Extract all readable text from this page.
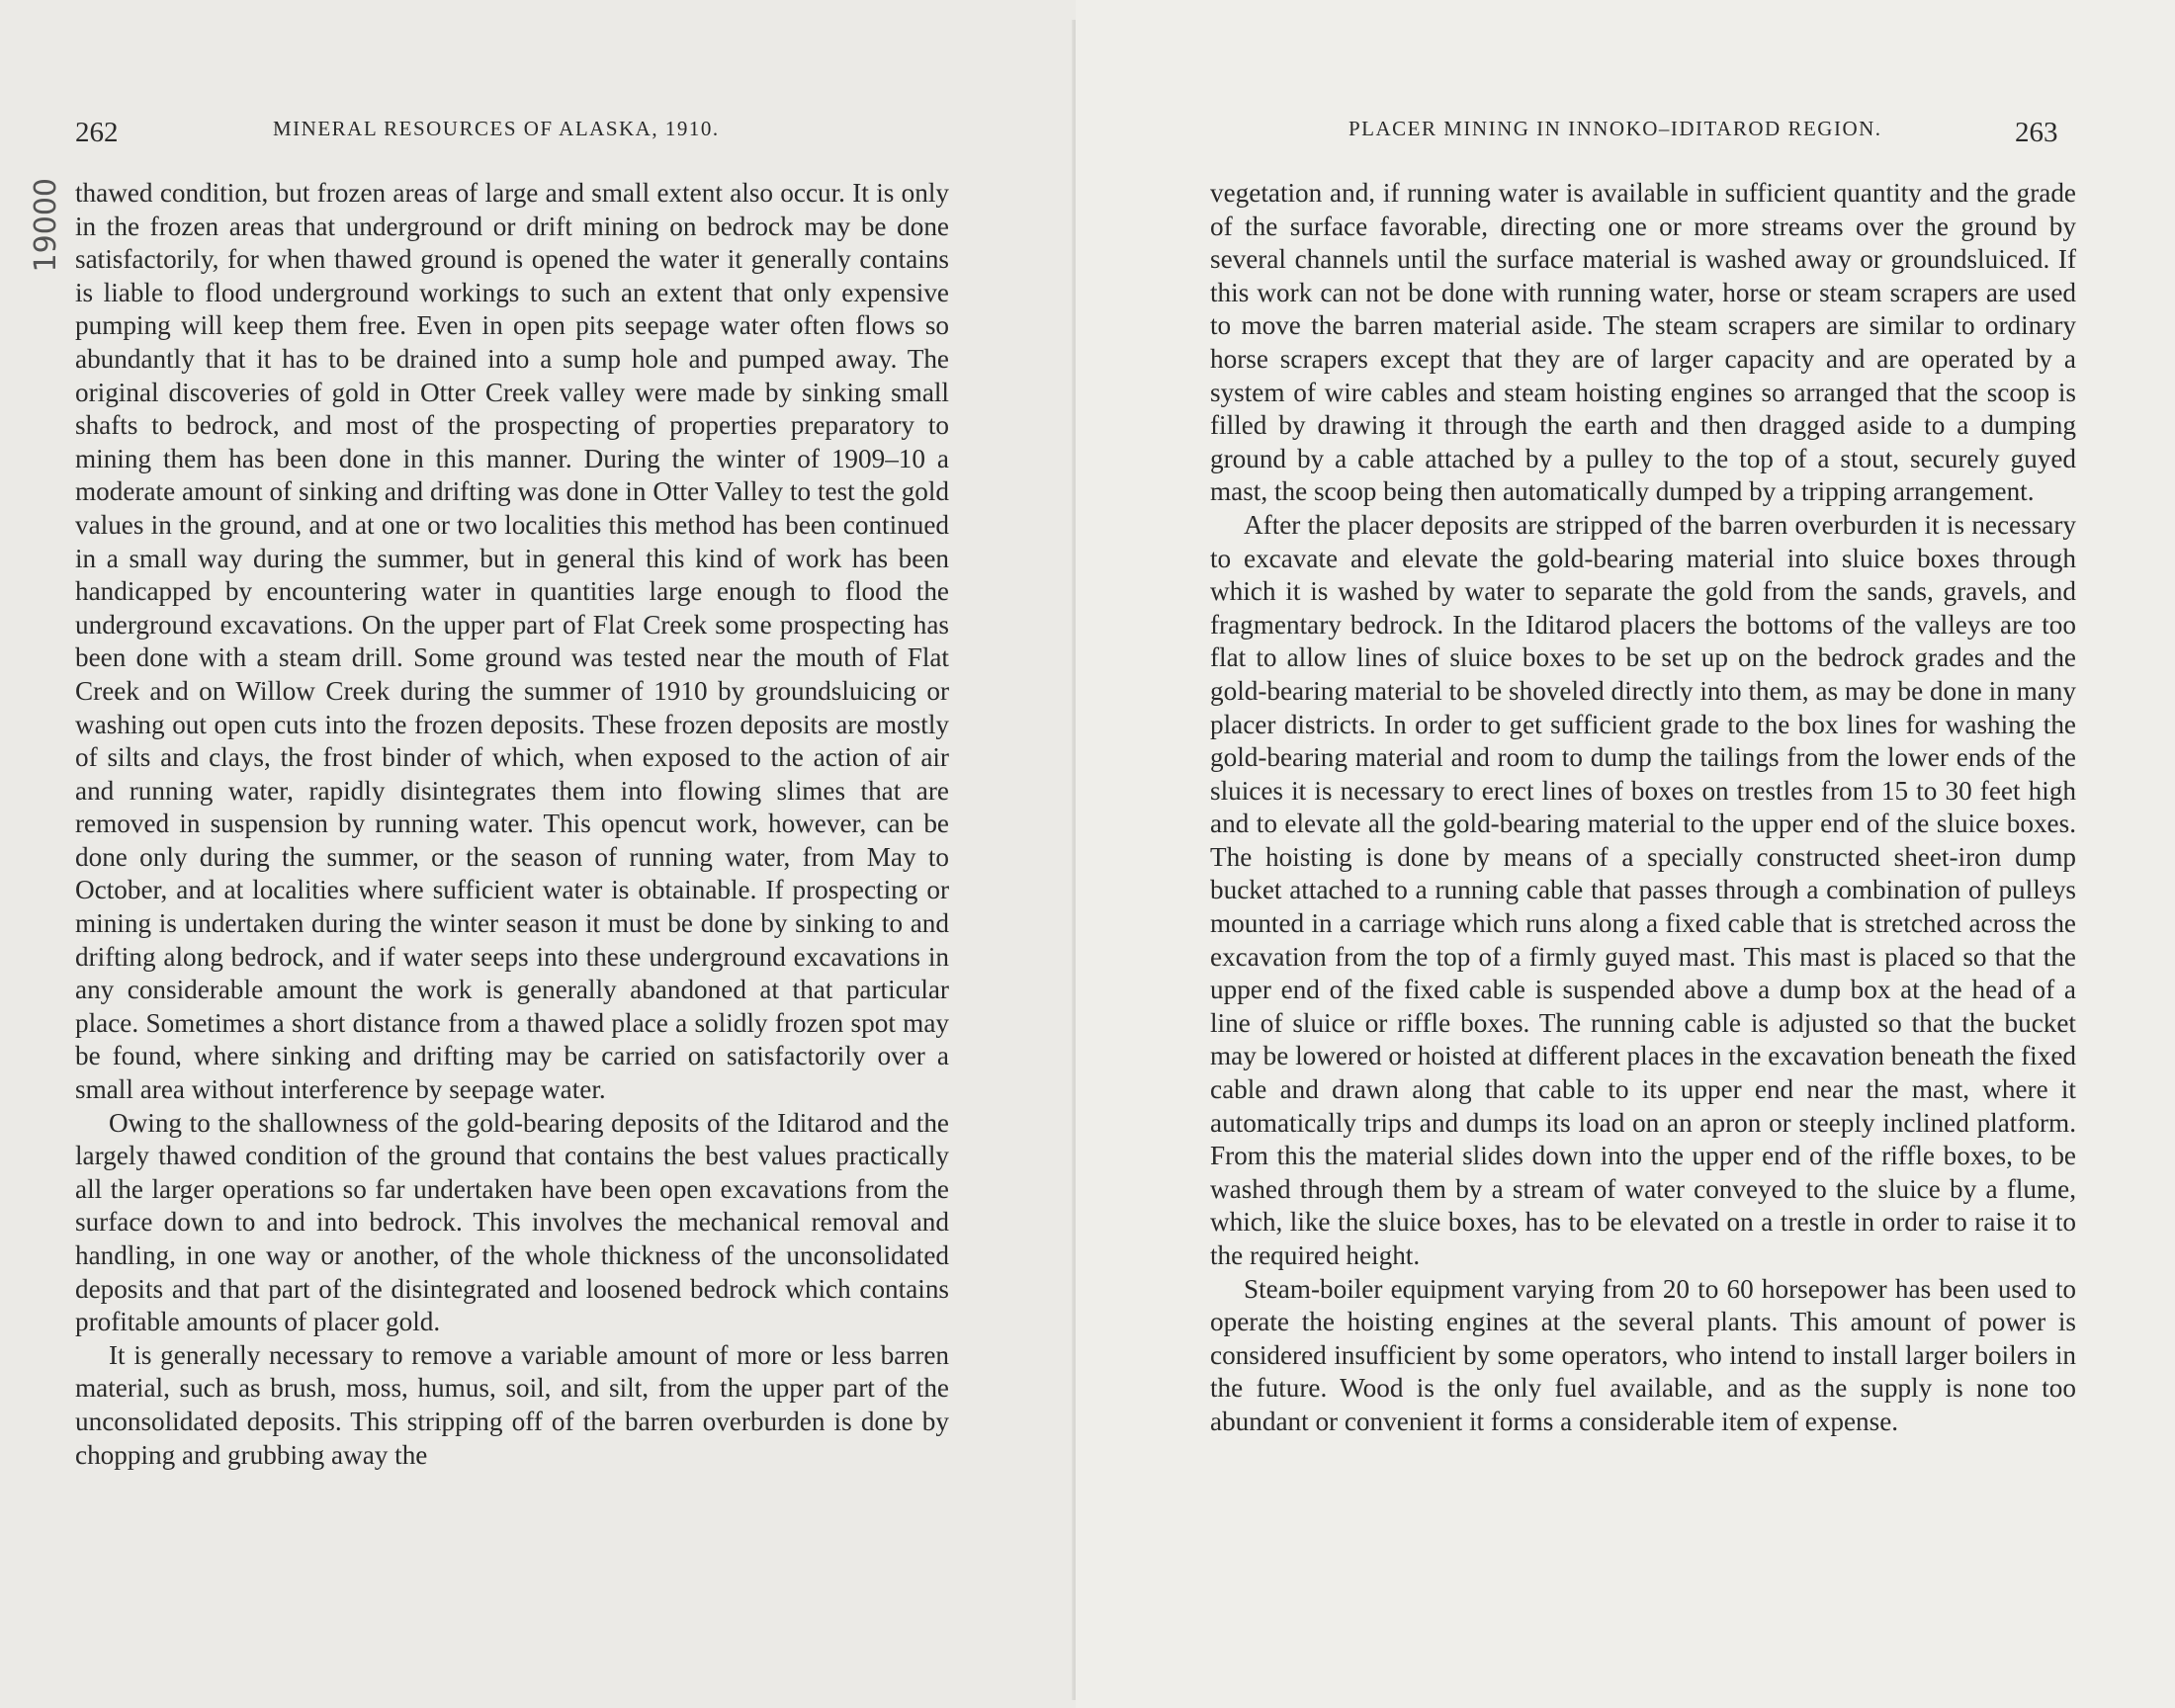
19000
262	MINERAL RESOURCES OF ALASKA, 1910.

thawed condition, but frozen areas of large and small extent also occur. It is only in the frozen areas that underground or drift mining on bedrock may be done satisfactorily, for when thawed ground is opened the water it generally contains is liable to flood underground workings to such an extent that only expensive pumping will keep them free. Even in open pits seepage water often flows so abundantly that it has to be drained into a sump hole and pumped away. The original discoveries of gold in Otter Creek valley were made by sinking small shafts to bedrock, and most of the prospecting of properties preparatory to mining them has been done in this manner. During the winter of 1909–10 a moderate amount of sinking and drifting was done in Otter Valley to test the gold values in the ground, and at one or two localities this method has been continued in a small way during the summer, but in general this kind of work has been handicapped by encountering water in quantities large enough to flood the underground excavations. On the upper part of Flat Creek some prospecting has been done with a steam drill. Some ground was tested near the mouth of Flat Creek and on Willow Creek during the summer of 1910 by groundsluicing or washing out open cuts into the frozen deposits. These frozen deposits are mostly of silts and clays, the frost binder of which, when exposed to the action of air and running water, rapidly disintegrates them into flowing slimes that are removed in suspension by running water. This opencut work, however, can be done only during the summer, or the season of running water, from May to October, and at localities where sufficient water is obtainable. If prospecting or mining is undertaken during the winter season it must be done by sinking to and drifting along bedrock, and if water seeps into these underground excavations in any considerable amount the work is generally abandoned at that particular place. Sometimes a short distance from a thawed place a solidly frozen spot may be found, where sinking and drifting may be carried on satisfactorily over a small area without interference by seepage water.

Owing to the shallowness of the gold-bearing deposits of the Iditarod and the largely thawed condition of the ground that contains the best values practically all the larger operations so far undertaken have been open excavations from the surface down to and into bedrock. This involves the mechanical removal and handling, in one way or another, of the whole thickness of the unconsolidated deposits and that part of the disintegrated and loosened bedrock which contains profitable amounts of placer gold.

It is generally necessary to remove a variable amount of more or less barren material, such as brush, moss, humus, soil, and silt, from the upper part of the unconsolidated deposits. This stripping off of the barren overburden is done by chopping and grubbing away the

PLACER MINING IN INNOKO–IDITAROD REGION.	263

vegetation and, if running water is available in sufficient quantity and the grade of the surface favorable, directing one or more streams over the ground by several channels until the surface material is washed away or groundsluiced. If this work can not be done with running water, horse or steam scrapers are used to move the barren material aside. The steam scrapers are similar to ordinary horse scrapers except that they are of larger capacity and are operated by a system of wire cables and steam hoisting engines so arranged that the scoop is filled by drawing it through the earth and then dragged aside to a dumping ground by a cable attached by a pulley to the top of a stout, securely guyed mast, the scoop being then automatically dumped by a tripping arrangement.

After the placer deposits are stripped of the barren overburden it is necessary to excavate and elevate the gold-bearing material into sluice boxes through which it is washed by water to separate the gold from the sands, gravels, and fragmentary bedrock. In the Iditarod placers the bottoms of the valleys are too flat to allow lines of sluice boxes to be set up on the bedrock grades and the gold-bearing material to be shoveled directly into them, as may be done in many placer districts. In order to get sufficient grade to the box lines for washing the gold-bearing material and room to dump the tailings from the lower ends of the sluices it is necessary to erect lines of boxes on trestles from 15 to 30 feet high and to elevate all the gold-bearing material to the upper end of the sluice boxes. The hoisting is done by means of a specially constructed sheet-iron dump bucket attached to a running cable that passes through a combination of pulleys mounted in a carriage which runs along a fixed cable that is stretched across the excavation from the top of a firmly guyed mast. This mast is placed so that the upper end of the fixed cable is suspended above a dump box at the head of a line of sluice or riffle boxes. The running cable is adjusted so that the bucket may be lowered or hoisted at different places in the excavation beneath the fixed cable and drawn along that cable to its upper end near the mast, where it automatically trips and dumps its load on an apron or steeply inclined platform. From this the material slides down into the upper end of the riffle boxes, to be washed through them by a stream of water conveyed to the sluice by a flume, which, like the sluice boxes, has to be elevated on a trestle in order to raise it to the required height.

Steam-boiler equipment varying from 20 to 60 horsepower has been used to operate the hoisting engines at the several plants. This amount of power is considered insufficient by some operators, who intend to install larger boilers in the future. Wood is the only fuel available, and as the supply is none too abundant or convenient it forms a considerable item of expense.
